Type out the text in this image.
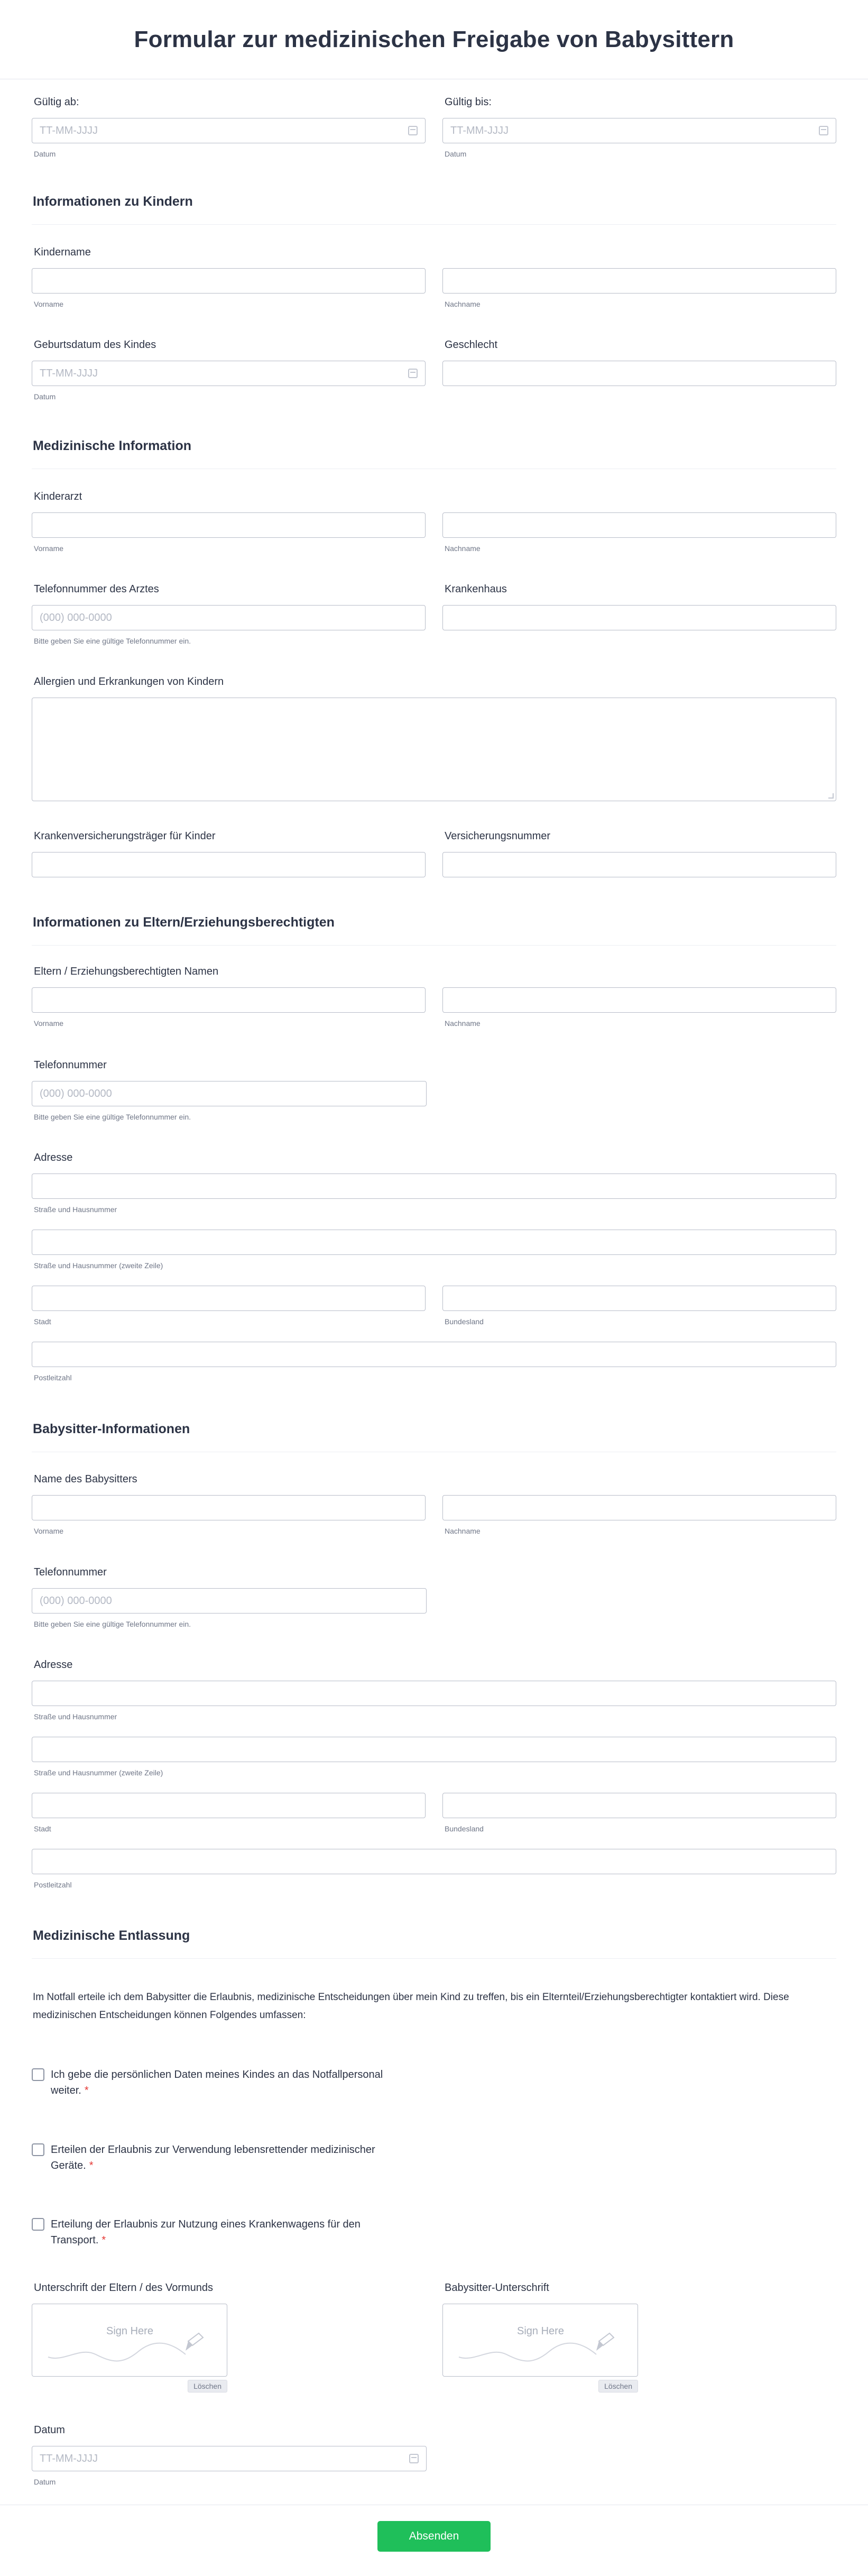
Formular zur medizinischen Freigabe von Babysittern
Gültig ab:
TT-MM-JJJJ
Datum
Gültig bis:
TT-MM-JJJJ
Datum
Informationen zu Kindern
Kindername
Vorname	Nachname
Geburtsdatum des Kindes
TT-MM-JJJJ
Datum
Geschlecht
Medizinische Information
Kinderarzt
Vorname	Nachname
Telefonnummer des Arztes
(000) 000-0000
Bitte geben Sie eine gültige Telefonnummer ein.
Krankenhaus
Allergien und Erkrankungen von Kindern
Krankenversicherungsträger für Kinder	Versicherungsnummer
Informationen zu Eltern/Erziehungsberechtigten
Eltern / Erziehungsberechtigten Namen
Vorname	Nachname
Telefonnummer
(000) 000-0000
Bitte geben Sie eine gültige Telefonnummer ein.
Adresse
Straße und Hausnummer
Straße und Hausnummer (zweite Zeile)
Stadt	Bundesland
Postleitzahl
Babysitter-Informationen
Name des Babysitters
Vorname	Nachname
Telefonnummer
(000) 000-0000
Bitte geben Sie eine gültige Telefonnummer ein.
Adresse
Straße und Hausnummer
Straße und Hausnummer (zweite Zeile)
Stadt	Bundesland
Postleitzahl
Medizinische Entlassung

Im Notfall erteile ich dem Babysitter die Erlaubnis, medizinische Entscheidungen über mein Kind zu treffen, bis ein Elternteil/Erziehungsberechtigter kontaktiert wird. Diese medizinischen Entscheidungen können Folgendes umfassen:

Ich gebe die persönlichen Daten meines Kindes an das Notfallpersonal weiter. *
Erteilen der Erlaubnis zur Verwendung lebensrettender medizinischer Geräte. *
Erteilung der Erlaubnis zur Nutzung eines Krankenwagens für den Transport. *
Unterschrift der Eltern / des Vormunds
Sign Here
Löschen
Babysitter-Unterschrift
Sign Here
Löschen
Datum
TT-MM-JJJJ
Datum
Absenden
